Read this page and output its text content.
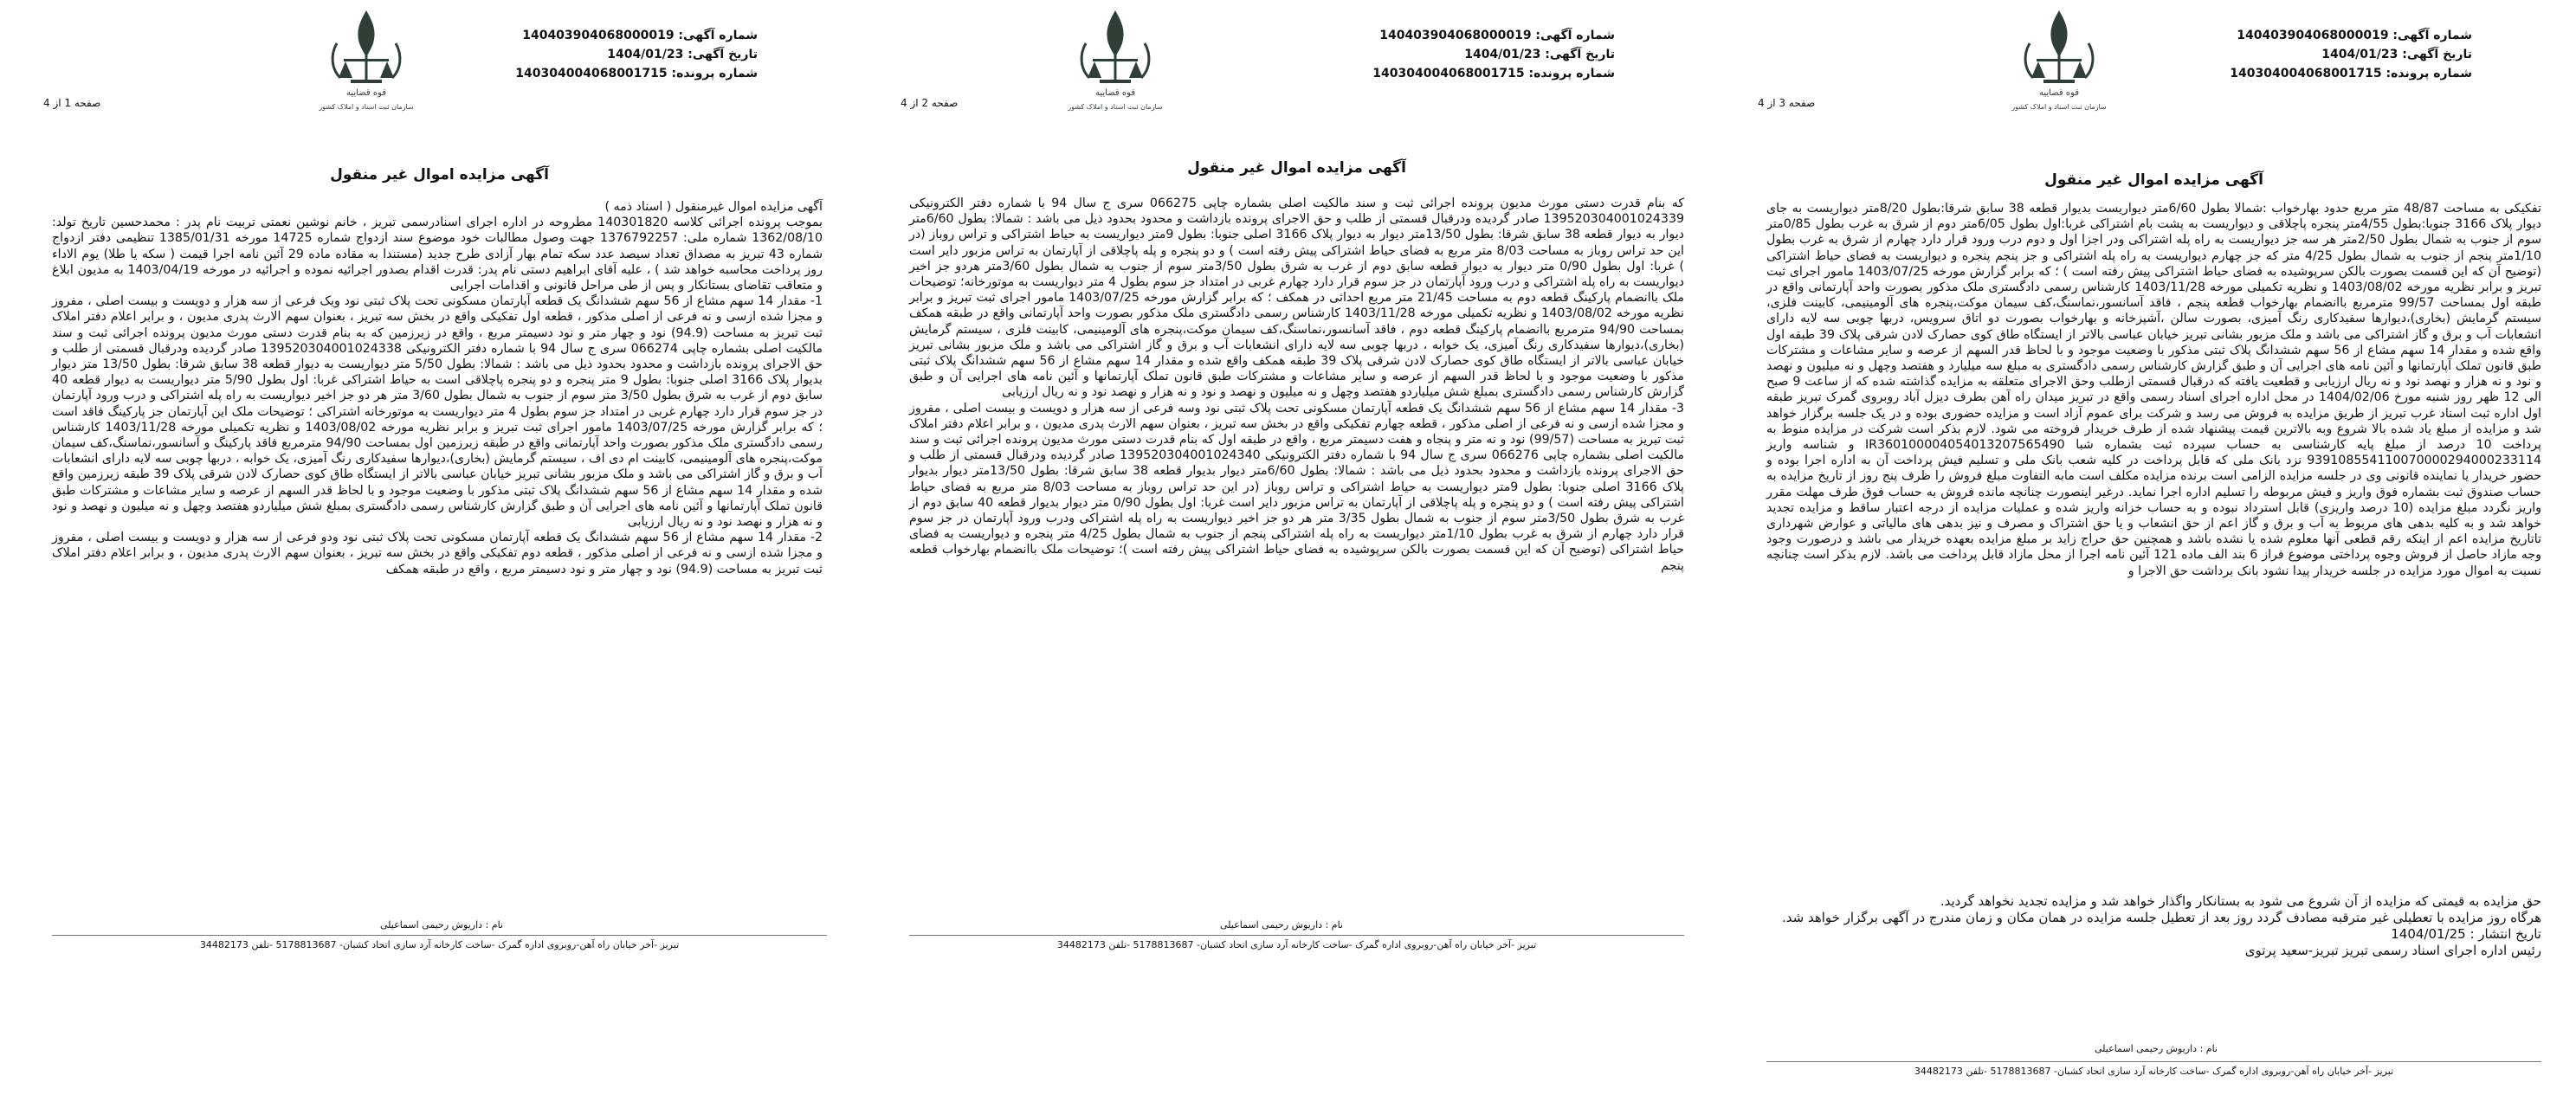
شماره آگهی: 140403904068000019
تاریخ آگهی: 1404/01/23
شماره پرونده: 140304004068001715
قوه قضاییه
سازمان ثبت اسناد و املاک کشور
صفحه 3 از 4
آگهی مزایده اموال غیر منقول
تفکیکی به مساحت 48/87 متر مربع حدود بهارخواب :شمالا بطول 6/60متر دیواریست بدیوار قطعه 38 سابق شرقا:بطول 8/20متر دیواریست به جای دیوار پلاک 3166 جنوبا:بطول 4/55متر پنجره پاچلاقی و دیواریست به پشت بام اشتراکی غربا:اول بطول 6/05متر دوم از شرق به غرب بطول 0/85متر سوم از جنوب به شمال بطول 2/50متر هر سه جز دیواریست به راه پله اشتراکی ودر اجزا اول و دوم درب ورود قرار دارد چهارم از شرق به غرب بطول 1/10متر پنجم از جنوب به شمال بطول 4/25 متر که جز چهارم دیواریست به راه پله اشتراکی و جز پنجم پنجره و دیواریست به فضای حیاط اشتراکی (توضیح آن که این قسمت بصورت بالکن سرپوشیده به فضای حیاط اشتراکی پیش رفته است ) ؛ که برابر گزارش مورخه 1403/07/25 مامور اجرای ثبت تبریز و برابر نظریه مورخه 1403/08/02 و نظریه تکمیلی مورخه 1403/11/28 کارشناس رسمی دادگستری ملک مذکور بصورت واحد آپارتمانی واقع در طبقه اول بمساحت 99/57 مترمربع باانضمام بهارخواب قطعه پنجم ، فاقد آسانسور،نماسنگ،کف سیمان موکت،پنجره های آلومینیمی، کابینت فلزی، سیستم گرمایش (بخاری)،دیوارها سفیدکاری رنگ آمیزی، بصورت سالن ،آشپزخانه و بهارخواب بصورت دو اتاق سرویس، دربها چوبی سه لایه دارای انشعابات آب و برق و گاز اشتراکی می باشد و ملک مزبور بشانی تبریز خیابان عباسی بالاتر از ایستگاه طاق کوی حصارک لادن شرقی پلاک 39 طبقه اول واقع شده و مقدار 14 سهم مشاع از 56 سهم ششدانگ پلاک ثبتی مذکور با وضعیت موجود و با لحاظ قدر السهم از عرصه و سایر مشاعات و مشترکات طبق قانون تملک آپارتمانها و آئین نامه های اجرایی آن و طبق گزارش کارشناس رسمی دادگستری به مبلغ سه میلیارد و هفتصد وچهل و نه میلیون و نهصد و نود و نه هزار و نهصد نود و نه ریال ارزیابی و قطعیت یافته که درقبال قسمتی ازطلب وحق الاجرای متعلقه به مزایده گذاشته شده که از ساعت 9 صبح الی 12 ظهر روز شنبه مورخ 1404/02/06 در محل اداره اجرای اسناد رسمی واقع در تبریز میدان راه آهن بطرف دیزل آباد روبروی گمرک تبریز طبقه اول اداره ثبت اسناد غرب تبریز از طریق مزایده به فروش می رسد و شرکت برای عموم آزاد است و مزایده حضوری بوده و در یک جلسه برگزار خواهد شد و مزایده از مبلغ یاد شده بالا شروع وبه بالاترین قیمت پیشنهاد شده از طرف خریدار فروخته می شود. لازم بذکر است شرکت در مزایده منوط به پرداخت 10 درصد از مبلغ پایه کارشناسی به حساب سپرده ثبت بشماره شبا IR360100004054013207565490 و شناسه واریز 939108554110070000294000233114 نزد بانک ملی که قابل پرداخت در کلیه شعب بانک ملی و تسلیم فیش پرداخت آن به اداره اجرا بوده و حضور خریدار یا نماینده قانونی وی در جلسه مزایده الزامی است برنده مزایده مکلف است مابه التفاوت مبلغ فروش را ظرف پنج روز از تاریخ مزایده به حساب صندوق ثبت بشماره فوق واریز و فیش مربوطه را تسلیم اداره اجرا نماید. درغیر اینصورت چنانچه مانده فروش به حساب فوق طرف مهلت مقرر واریز نگردد مبلغ مزایده (10 درصد واریزی) قابل استرداد نبوده و به حساب خزانه واریز شده و عملیات مزایده از درجه اعتبار ساقط و مزایده تجدید خواهد شد و به کلیه بدهی های مربوط به آب و برق و گاز اعم از حق انشعاب و یا حق اشتراک و مصرف و نیز بدهی های مالیاتی و عوارض شهرداری تاتاریخ مزایده اعم از اینکه رقم قطعی آنها معلوم شده یا نشده باشد و همچنین حق حراج زاید بر مبلغ مزایده بعهده خریدار می باشد و درصورت وجود وجه مازاد حاصل از فروش وجوه پرداختی موضوع فراز 6 بند الف ماده 121 آئین نامه اجرا از محل مازاد قابل پرداخت می باشد. لازم بذکر است چنانچه نسبت به اموال مورد مزایده در جلسه خریدار پیدا نشود بانک برداشت حق الاجرا و
حق مزایده به قیمتی که مزایده از آن شروع می شود به بستانکار واگذار خواهد شد و مزایده تجدید نخواهد گردید.
هرگاه روز مزایده با تعطیلی غیر مترقبه مصادف گردد روز بعد از تعطیل جلسه مزایده در همان مکان و زمان مندرج در آگهی برگزار خواهد شد.
تاریخ انتشار : 1404/01/25
رئیس اداره اجرای اسناد رسمی تبریز تبریز-سعید پرتوی
نام : داریوش رحیمی اسماعیلی
تبریز -آخر خیابان راه آهن-روبروی اداره گمرک -ساخت کارخانه آرد سازی اتحاد کشبان- 5178813687 -تلفن 34482173
شماره آگهی: 140403904068000019
تاریخ آگهی: 1404/01/23
شماره پرونده: 140304004068001715
قوه قضاییه
سازمان ثبت اسناد و املاک کشور
صفحه 2 از 4
آگهی مزایده اموال غیر منقول
که بنام قدرت دستی مورث مدیون پرونده اجرائی ثبت و سند مالکیت اصلی بشماره چاپی 066275 سری ج سال 94 با شماره دفتر الکترونیکی 139520304001024339 صادر گردیده ودرقبال قسمتی از طلب و حق الاجرای پرونده بازداشت و محدود بحدود ذیل می باشد : شمالا: بطول 6/60متر دیوار به دیوار قطعه 38 سابق شرقا: بطول 13/50متر دیوار به دیوار پلاک 3166 اصلی جنوبا: بطول 9متر دیواریست به حیاط اشتراکی و تراس روباز (در این حد تراس روباز به مساحت 8/03 متر مربع به فضای حیاط اشتراکی پیش رفته است ) و دو پنجره و پله پاچلاقی از آپارتمان به تراس مزبور دایر است ) غربا: اول بطول 0/90 متر دیوار به دیوار قطعه سابق دوم از غرب به شرق بطول 3/50متر سوم از جنوب به شمال بطول 3/60متر هردو جز اخیر دیواریست به راه پله اشتراکی و درب ورود آپارتمان در جز سوم قرار دارد چهارم غربی در امتداد جز سوم بطول 4 متر دیواریست به موتورخانه؛ توضیحات ملک باانضمام پارکینگ قطعه دوم به مساحت 21/45 متر مربع احداثی در همکف ؛ که برابر گزارش مورخه 1403/07/25 مامور اجرای ثبت تبریز و برابر نظریه مورخه 1403/08/02 و نظریه تکمیلی مورخه 1403/11/28 کارشناس رسمی دادگستری ملک مذکور بصورت واحد آپارتمانی واقع در طبقه همکف بمساحت 94/90 مترمربع باانضمام پارکینگ قطعه دوم ، فاقد آسانسور،نماسنگ،کف سیمان موکت،پنجره های آلومینیمی، کابینت فلزی ، سیستم گرمایش (بخاری)،دیوارها سفیدکاری رنگ آمیزی، یک خوابه ، دربها چوبی سه لایه دارای انشعابات آب و برق و گاز اشتراکی می باشد و ملک مزبور بشانی تبریز خیابان عباسی بالاتر از ایستگاه طاق کوی حصارک لادن شرقی پلاک 39 طبقه همکف واقع شده و مقدار 14 سهم مشاع از 56 سهم ششدانگ پلاک ثبتی مذکور با وضعیت موجود و با لحاظ قدر السهم از عرصه و سایر مشاعات و مشترکات طبق قانون تملک آپارتمانها و آئین نامه های اجرایی آن و طبق گزارش کارشناس رسمی دادگستری بمبلغ شش میلیاردو هفتصد وچهل و نه میلیون و نهصد و نود و نه هزار و نهصد نود و نه ریال ارزیابی
3- مقدار 14 سهم مشاع از 56 سهم ششدانگ یک قطعه آپارتمان مسکونی تحت پلاک ثبتی نود وسه فرعی از سه هزار و دویست و بیست اصلی ، مفروز و مجزا شده ازسی و نه فرعی از اصلی مذکور ، قطعه چهارم تفکیکی واقع در بخش سه تبریز ، بعنوان سهم الارث پدری مدیون ، و برابر اعلام دفتر املاک ثبت تبریز به مساحت (99/57) نود و نه متر و پنجاه و هفت دسیمتر مربع ، واقع در طبقه اول که بنام قدرت دستی مورث مدیون پرونده اجرائی ثبت و سند مالکیت اصلی بشماره چاپی 066276 سری ج سال 94 با شماره دفتر الکترونیکی 139520304001024340 صادر گردیده ودرقبال قسمتی از طلب و حق الاجرای پرونده بازداشت و محدود بحدود ذیل می باشد : شمالا: بطول 6/60متر دیوار بدیوار قطعه 38 سابق شرقا: بطول 13/50متر دیوار بدیوار پلاک 3166 اصلی جنوبا: بطول 9متر دیواریست به حیاط اشتراکی و تراس روباز (در این حد تراس روباز به مساحت 8/03 متر مربع به فضای حیاط اشتراکی پیش رفته است ) و دو پنجره و پله پاچلاقی از آپارتمان به تراس مزبور دایر است غربا: اول بطول 0/90 متر دیوار بدیوار قطعه 40 سابق دوم از غرب به شرق بطول 3/50متر سوم از جنوب به شمال بطول 3/35 متر هر دو جز اخیر دیواریست به راه پله اشتراکی ودرب ورود آپارتمان در جز سوم قرار دارد چهارم از شرق به غرب بطول 1/10متر دیواریست به راه پله اشتراکی پنجم از جنوب به شمال بطول 4/25 متر پنجره و دیواریست به فضای حیاط اشتراکی (توضیح آن که این قسمت بصورت بالکن سرپوشیده به فضای حیاط اشتراکی پیش رفته است )؛ توضیحات ملک باانضمام بهارخواب قطعه پنجم
نام : داریوش رحیمی اسماعیلی
تبریز -آخر خیابان راه آهن-روبروی اداره گمرک -ساخت کارخانه آرد سازی اتحاد کشبان- 5178813687 -تلفن 34482173
شماره آگهی: 140403904068000019
تاریخ آگهی: 1404/01/23
شماره پرونده: 140304004068001715
قوه قضاییه
سازمان ثبت اسناد و املاک کشور
صفحه 1 از 4
آگهی مزایده اموال غیر منقول
آگهی مزایده اموال غیرمنقول ( اسناد ذمه )
بموجب پرونده اجرائی کلاسه 140301820 مطروحه در اداره اجرای اسنادرسمی تبریز ، خانم نوشین نعمتی تربیت نام پدر : محمدحسین تاریخ تولد: 1362/08/10 شماره ملی: 1376792257 جهت وصول مطالبات خود موضوع سند ازدواج شماره 14725 مورخه 1385/01/31 تنظیمی دفتر ازدواج شماره 43 تبریز به مصداق تعداد سیصد عدد سکه تمام بهار آزادی طرح جدید (مستندا به مقاده ماده 29 آئین نامه اجرا قیمت ( سکه یا طلا) یوم الاداء روز پرداخت محاسبه خواهد شد ) ، علیه آقای ابراهیم دستی نام پدر: قدرت اقدام بصدور اجرائیه نموده و اجرائیه در مورخه 1403/04/19 به مدیون ابلاغ و متعاقب تقاضای بستانکار و پس از طی مراحل قانونی و اقدامات اجرایی
1- مقدار 14 سهم مشاع از 56 سهم ششدانگ یک قطعه آپارتمان مسکونی تحت پلاک ثبتی نود ویک فرعی از سه هزار و دویست و بیست اصلی ، مفروز و مجزا شده ازسی و نه فرعی از اصلی مذکور ، قطعه اول تفکیکی واقع در بخش سه تبریز ، بعنوان سهم الارث پدری مدیون ، و برابر اعلام دفتر املاک ثبت تبریز به مساحت (94.9) نود و چهار متر و نود دسیمتر مربع ، واقع در زیرزمین که به بنام قدرت دستی مورث مدیون پرونده اجرائی ثبت و سند مالکیت اصلی بشماره چاپی 066274 سری ج سال 94 با شماره دفتر الکترونیکی 139520304001024338 صادر گردیده ودرقبال قسمتی از طلب و حق الاجرای پرونده بازداشت و محدود بحدود ذیل می باشد : شمالا: بطول 5/50 متر دیواریست به دیوار قطعه 38 سابق شرقا: بطول 13/50 متر دیوار بدیوار پلاک 3166 اصلی جنوبا: بطول 9 متر پنجره و دو پنجره پاچلاقی است به حیاط اشتراکی غربا: اول بطول 5/90 متر دیواریست به دیوار قطعه 40 سابق دوم از غرب به شرق بطول 3/50 متر سوم از جنوب به شمال بطول 3/60 متر هر دو جز اخیر دیواریست به راه پله اشتراکی و درب ورود آپارتمان در جز سوم قرار دارد چهارم غربی در امتداد جز سوم بطول 4 متر دیواریست به موتورخانه اشتراکی ؛ توضیحات ملک این آپارتمان جز پارکینگ فاقد است ؛ که برابر گزارش مورخه 1403/07/25 مامور اجرای ثبت تبریز و برابر نظریه مورخه 1403/08/02 و نظریه تکمیلی مورخه 1403/11/28 کارشناس رسمی دادگستری ملک مذکور بصورت واحد آپارتمانی واقع در طبقه زیرزمین اول بمساحت 94/90 مترمربع فاقد پارکینگ و آسانسور،نماسنگ،کف سیمان موکت،پنجره های آلومینیمی، کابینت ام دی اف ، سیستم گرمایش (بخاری)،دیوارها سفیدکاری رنگ آمیزی، یک خوابه ، دربها چوبی سه لایه دارای انشعابات آب و برق و گاز اشتراکی می باشد و ملک مزبور بشانی تبریز خیابان عباسی بالاتر از ایستگاه طاق کوی حصارک لادن شرقی پلاک 39 طبقه زیرزمین واقع شده و مقدار 14 سهم مشاع از 56 سهم ششدانگ پلاک ثبتی مذکور با وضعیت موجود و با لحاظ قدر السهم از عرصه و سایر مشاعات و مشترکات طبق قانون تملک آپارتمانها و آئین نامه های اجرایی آن و طبق گزارش کارشناس رسمی دادگستری بمبلغ شش میلیاردو هفتصد وچهل و نه میلیون و نهصد و نود و نه هزار و نهصد نود و نه ریال ارزیابی
2- مقدار 14 سهم مشاع از 56 سهم ششدانگ یک قطعه آپارتمان مسکونی تحت پلاک ثبتی نود ودو فرعی از سه هزار و دویست و بیست اصلی ، مفروز و مجزا شده ازسی و نه فرعی از اصلی مذکور ، قطعه دوم تفکیکی واقع در بخش سه تبریز ، بعنوان سهم الارث پدری مدیون ، و برابر اعلام دفتر املاک ثبت تبریز به مساحت (94.9) نود و چهار متر و نود دسیمتر مربع ، واقع در طبقه همکف
نام : داریوش رحیمی اسماعیلی
تبریز -آخر خیابان راه آهن-روبروی اداره گمرک -ساخت کارخانه آرد سازی اتحاد کشبان- 5178813687 -تلفن 34482173
